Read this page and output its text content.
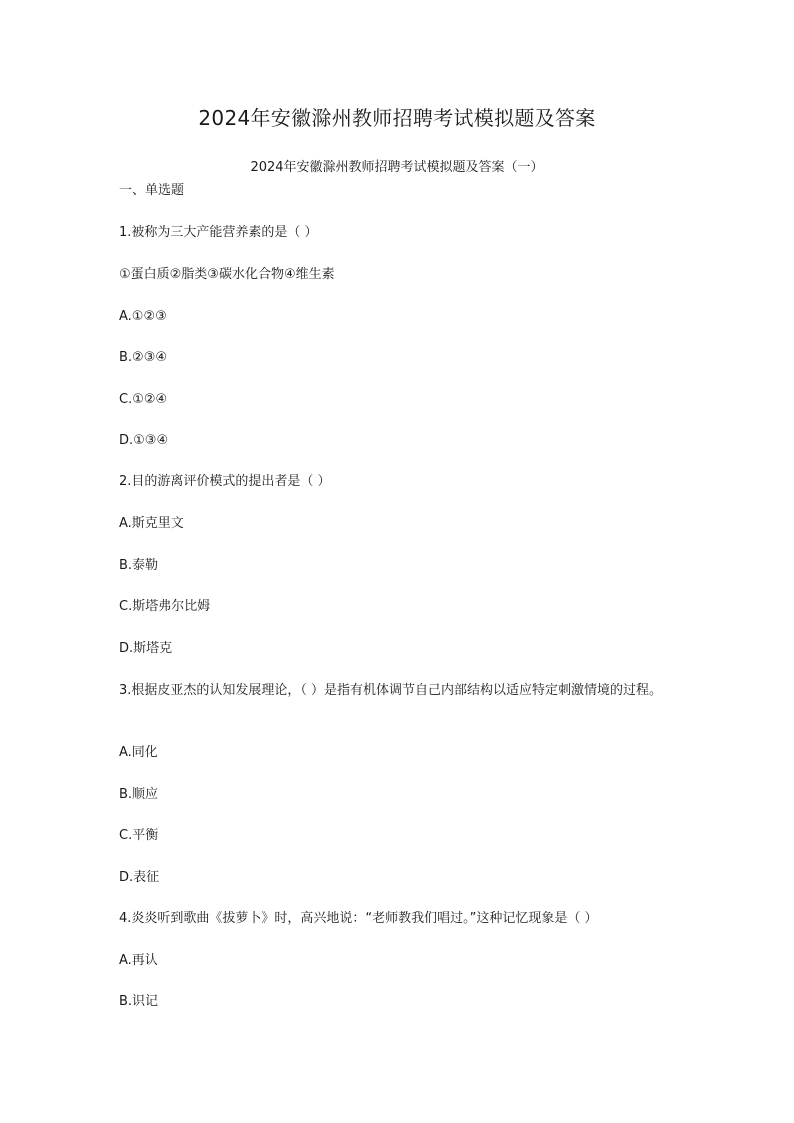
2024年安徽滁州教师招聘考试模拟题及答案
2024年安徽滁州教师招聘考试模拟题及答案（一）
一、单选题
1.被称为三大产能营养素的是（ ）
①蛋白质②脂类③碳水化合物④维生素
A.①②③
B.②③④
C.①②④
D.①③④
2.目的游离评价模式的提出者是（ ）
A.斯克里文
B.泰勒
C.斯塔弗尔比姆
D.斯塔克
3.根据皮亚杰的认知发展理论，（ ）是指有机体调节自己内部结构以适应特定刺激情境的过程。
A.同化
B.顺应
C.平衡
D.表征
4.炎炎听到歌曲《拔萝卜》时，高兴地说：“老师教我们唱过。”这种记忆现象是（ ）
A.再认
B.识记
